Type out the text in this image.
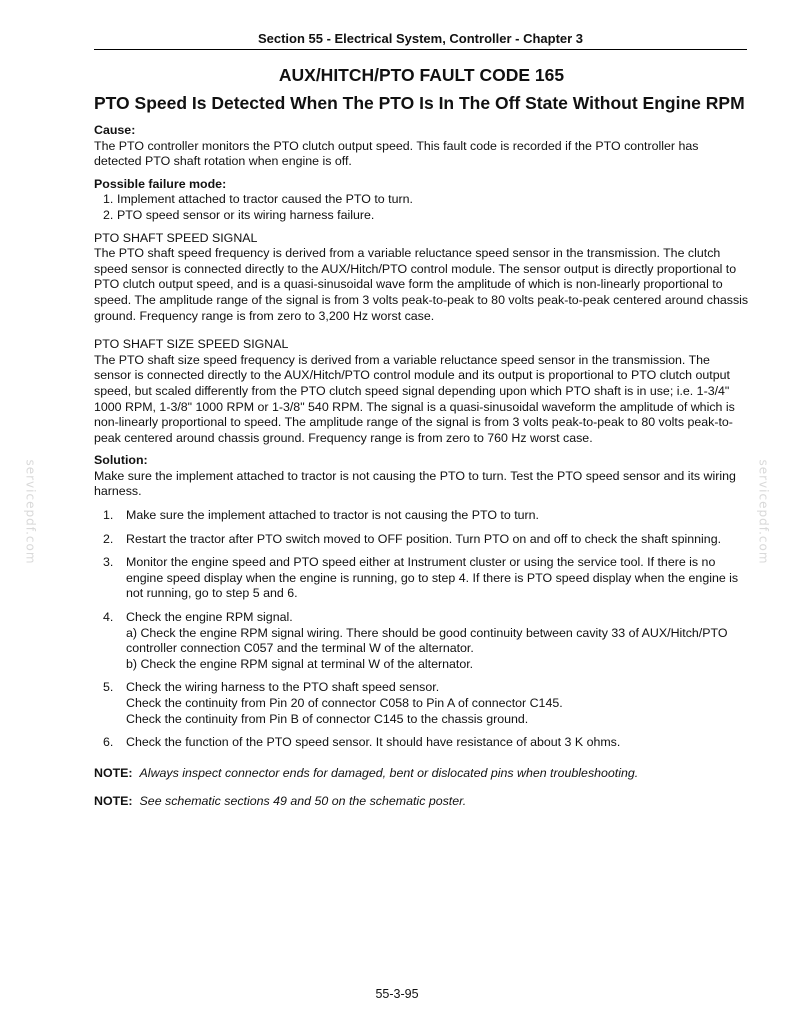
Section 55 - Electrical System, Controller - Chapter 3
servicepdf.com	servicepdf.com
AUX/HITCH/PTO FAULT CODE 165
PTO Speed Is Detected When The PTO Is In The Off State Without Engine RPM

Cause:

The PTO controller monitors the PTO clutch output speed. This fault code is recorded if the PTO controller has detected PTO shaft rotation when engine is off.

Possible failure mode:

1. Implement attached to tractor caused the PTO to turn.
2. PTO speed sensor or its wiring harness failure.

PTO SHAFT SPEED SIGNAL

The PTO shaft speed frequency is derived from a variable reluctance speed sensor in the transmission. The clutch speed sensor is connected directly to the AUX/Hitch/PTO control module. The sensor output is directly proportional to PTO clutch output speed, and is a quasi-sinusoidal wave form the amplitude of which is non-linearly proportional to speed. The amplitude range of the signal is from 3 volts peak-to-peak to 80 volts peak-to-peak centered around chassis ground. Frequency range is from zero to 3,200 Hz worst case.

PTO SHAFT SIZE SPEED SIGNAL

The PTO shaft size speed frequency is derived from a variable reluctance speed sensor in the transmission. The sensor is connected directly to the AUX/Hitch/PTO control module and its output is proportional to PTO clutch output speed, but scaled differently from the PTO clutch speed signal depending upon which PTO shaft is in use; i.e. 1-3/4" 1000 RPM, 1-3/8" 1000 RPM or 1-3/8" 540 RPM. The signal is a quasi-sinusoidal waveform the amplitude of which is non-linearly proportional to speed. The amplitude range of the signal is from 3 volts peak-to-peak to 80 volts peak-to-peak centered around chassis ground. Frequency range is from zero to 760 Hz worst case.

Solution:

Make sure the implement attached to tractor is not causing the PTO to turn. Test the PTO speed sensor and its wiring harness.

1. Make sure the implement attached to tractor is not causing the PTO to turn.
2. Restart the tractor after PTO switch moved to OFF position. Turn PTO on and off to check the shaft spinning.
3. Monitor the engine speed and PTO speed either at Instrument cluster or using the service tool. If there is no engine speed display when the engine is running, go to step 4. If there is PTO speed display when the engine is not running, go to step 5 and 6.
4. Check the engine RPM signal.
a) Check the engine RPM signal wiring. There should be good continuity between cavity 33 of AUX/Hitch/PTO controller connection C057 and the terminal W of the alternator.
b) Check the engine RPM signal at terminal W of the alternator.
5. Check the wiring harness to the PTO shaft speed sensor.
Check the continuity from Pin 20 of connector C058 to Pin A of connector C145.
Check the continuity from Pin B of connector C145 to the chassis ground.
6. Check the function of the PTO speed sensor. It should have resistance of about 3 K ohms.

NOTE: Always inspect connector ends for damaged, bent or dislocated pins when troubleshooting.

NOTE: See schematic sections 49 and 50 on the schematic poster.

55-3-95
